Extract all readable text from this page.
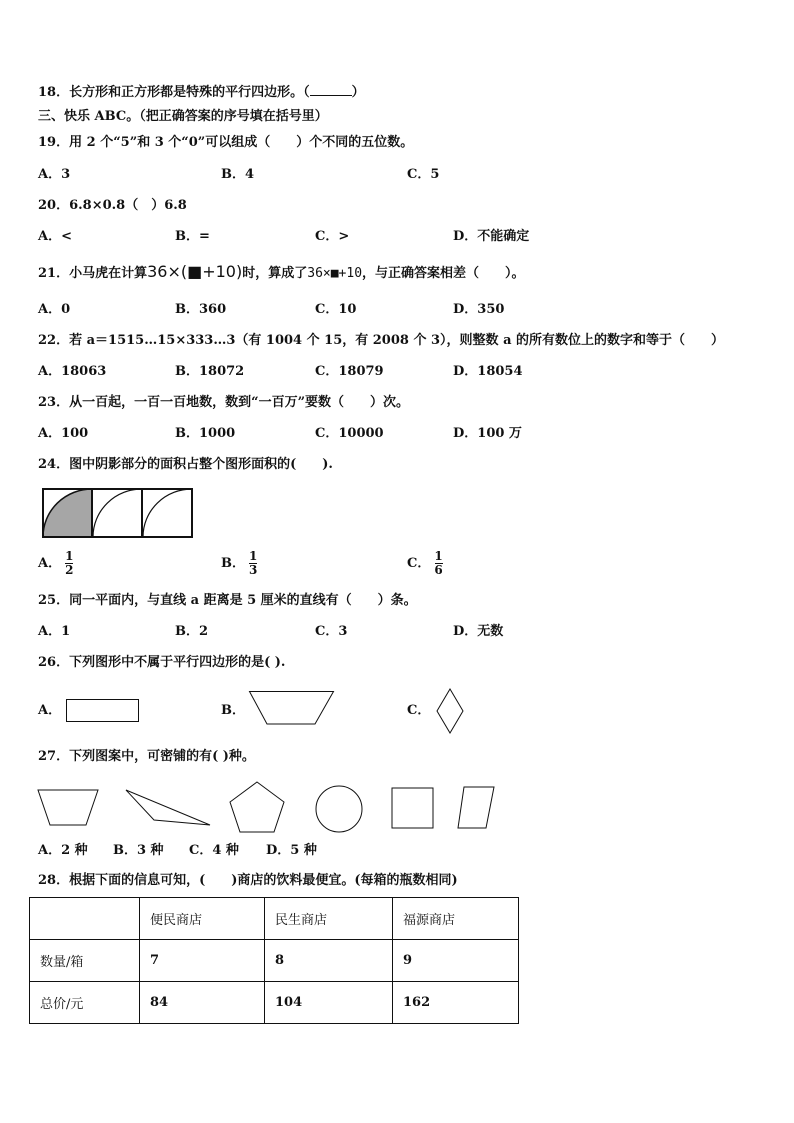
18．长方形和正方形都是特殊的平行四边形。（	）
三、快乐 ABC。（把正确答案的序号填在括号里）
19．用 2 个“5”和 3 个“0”可以组成（　　）个不同的五位数。
A．3	B．4	C．5
20．6.8×0.8（　）6.8
A．<	B．=	C．>	D．不能确定
21．小马虎在计算36×(■+10)时，算成了36×■+10，与正确答案相差（　　）。
A．0	B．360	C．10	D．350
22．若 a＝1515…15×333…3（有 1004 个 15，有 2008 个 3），则整数 a 的所有数位上的数字和等于（　　）
A．18063	B．18072	C．18079	D．18054
23．从一百起，一百一百地数，数到“一百万”要数（　　）次。
A．100	B．1000	C．10000	D．100 万
24．图中阴影部分的面积占整个图形面积的(　　).
A． $\frac{1}{2}$	B． $\frac{1}{3}$	C． $\frac{1}{6}$
25．同一平面内，与直线 a 距离是 5 厘米的直线有（　　）条。
A．1	B．2	C．3	D．无数
26．下列图形中不属于平行四边形的是( ).
A．	B．	C．
27．下列图案中，可密铺的有( )种。
A．2 种 B．3 种 C．4 种 D．5 种
28．根据下面的信息可知，(　　)商店的饮料最便宜。(每箱的瓶数相同)
	便民商店	民生商店	福源商店
数量/箱	7	8	9
总价/元	84	104	162
